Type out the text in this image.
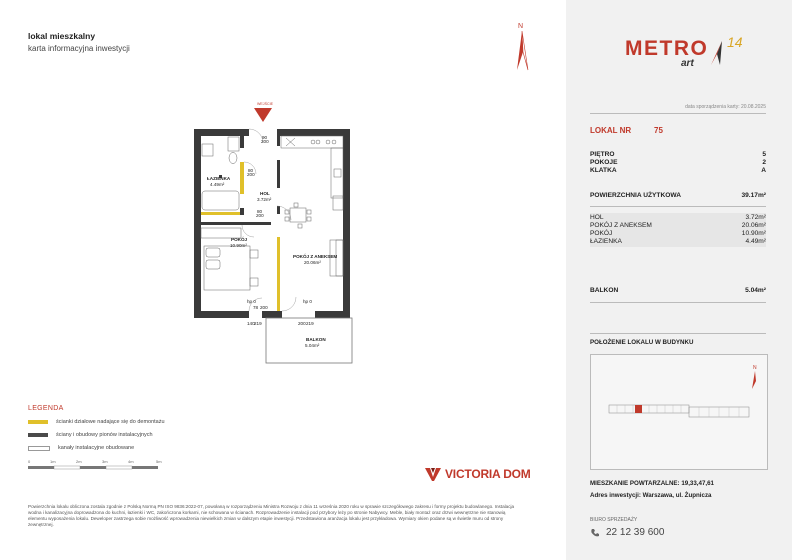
lokal mieszkalny
karta informacyjna inwestycji
N
WEJŚCIE
ŁAZIENKA
4.49m²
HOL
3.72m²
POKÓJ
10.90m²
POKÓJ Z ANEKSEM
20.06m²
BALKON
5.04m²
90
200
80
200
80
200
hp 0	hp 0
78 200
140 219	200 219
LEGENDA
ścianki działowe nadające się do demontażu
ściany i obudowy pionów instalacyjnych
kanały instalacyjne obudowane
0	1m	2m	3m	4m	5m
VICTORIA DOM
Powierzchnia lokalu obliczona zostala zgodnie z Polską Normą PN ISO 9836:2022-07, powołaną w rozporządzeniu Ministra Rozwoju z dnia 11 września 2020 roku w sprawie szczegółowego zakresu i formy projektu budowlanego. Instalacja wodna i kanalizacyjna doprowadzona do kuchni, łazienki i WC, zakończona korkami, nie schowana w ścianach. Rozprowadzenie instalacji pod przybory leży po stronie Nabywcy. Meble, biały montaż oraz drzwi wewnętrzne nie stanowią elementu wyposażenia lokalu. Deweloper zastrzega sobie możliwość wprowadzenia niewielkich zmian w dalszym etapie inwestycji. Przedstawiona aranżacja lokalu jest przykładowa. Wymiary okien podane są w świetle muru od strony zewnętrznej.
METRO
art
14
data sporządzenia karty: 20.08.2025
LOKAL NR	75
PIĘTRO	5
POKOJE	2
KLATKA	A
POWIERZCHNIA UŻYTKOWA	39.17m²
HOL	3.72m²
POKÓJ Z ANEKSEM	20.06m²
POKÓJ	10.90m²
ŁAZIENKA	4.49m²
BALKON	5.04m²
POŁOŻENIE LOKALU W BUDYNKU
N
MIESZKANIE POWTARZALNE: 19,33,47,61
Adres inwestycji: Warszawa, ul. Żupnicza
BIURO SPRZEDAŻY
22 12 39 600
